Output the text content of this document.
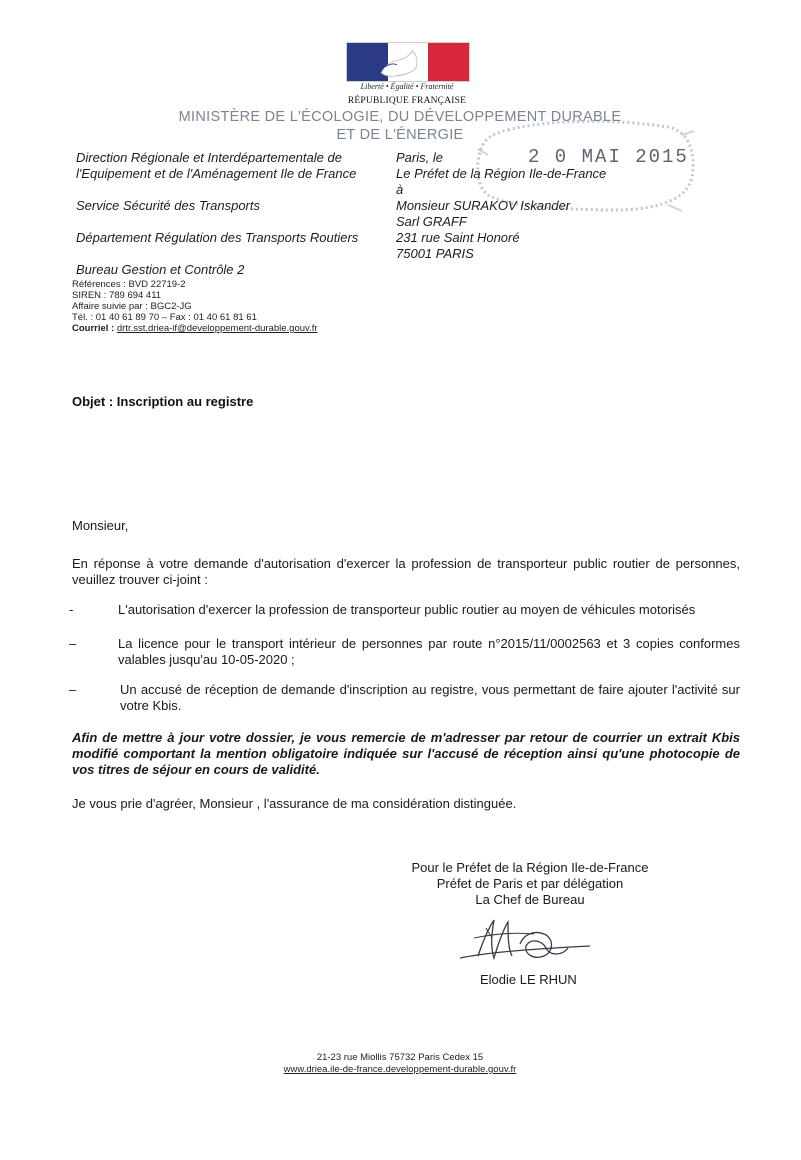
Liberté • Égalité • Fraternité
RÉPUBLIQUE FRANÇAISE
MINISTÈRE DE L'ÉCOLOGIE, DU DÉVELOPPEMENT DURABLE
ET DE L'ÉNERGIE
2 0 MAI 2015
Direction Régionale et Interdépartementale de
l'Equipement et de l'Aménagement Ile de France
Service Sécurité des Transports
Département Régulation des Transports Routiers
Bureau Gestion et Contrôle 2
Références : BVD 22719-2
SIREN : 789 694 411
Affaire suivie par : BGC2-JG
Tél. : 01 40 61 89 70 – Fax : 01 40 61 81 61
Courriel : drtr.sst.driea-if@developpement-durable.gouv.fr
Paris, le
Le Préfet de la Région Ile-de-France
à
Monsieur SURAKOV Iskander
Sarl GRAFF
231 rue Saint Honoré
75001 PARIS
Objet : Inscription au registre
Monsieur,
En réponse à votre demande d'autorisation d'exercer la profession de transporteur public routier de personnes, veuillez trouver ci-joint :
-	L'autorisation d'exercer la profession de transporteur public routier au moyen de véhicules motorisés
–	La licence pour le transport intérieur de personnes par route n°2015/11/0002563 et 3 copies conformes valables jusqu'au 10-05-2020 ;
–	Un accusé de réception de demande d'inscription au registre, vous permettant de faire ajouter l'activité sur votre Kbis.
Afin de mettre à jour votre dossier, je vous remercie de m'adresser par retour de courrier un extrait Kbis modifié comportant la mention obligatoire indiquée sur l'accusé de réception ainsi qu'une photocopie de vos titres de séjour en cours de validité.
Je vous prie d'agréer, Monsieur , l'assurance de ma considération distinguée.
Pour le Préfet de la Région Ile-de-France
Préfet de Paris et par délégation
La Chef de Bureau
Elodie LE RHUN
21-23 rue Miollis 75732 Paris Cedex 15
www.driea.ile-de-france.developpement-durable.gouv.fr
